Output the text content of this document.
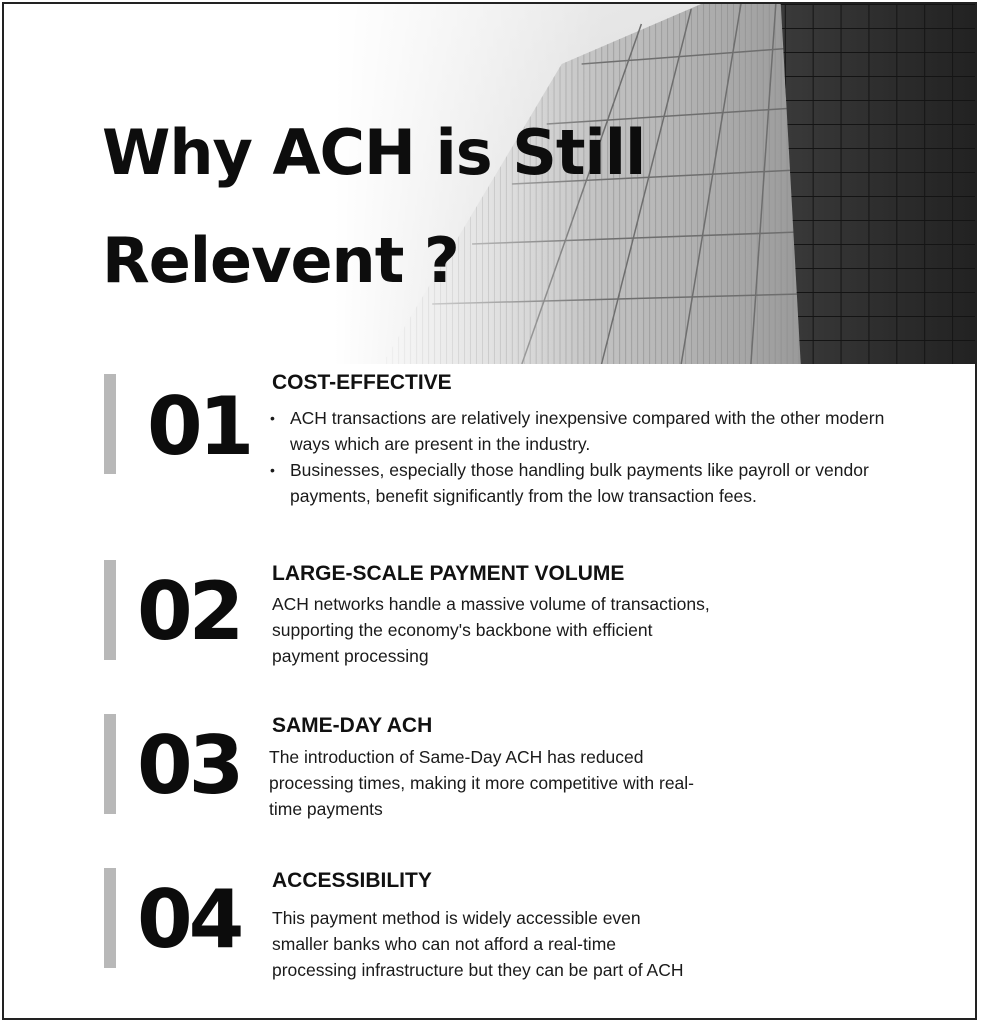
Why ACH is Still
Relevent ?
01 COST-EFFECTIVE
• ACH transactions are relatively inexpensive compared with the other modern ways which are present in the industry.
• Businesses, especially those handling bulk payments like payroll or vendor payments, benefit significantly from the low transaction fees.
02 LARGE-SCALE PAYMENT VOLUME

ACH networks handle a massive volume of transactions, supporting the economy's backbone with efficient payment processing

03 SAME-DAY ACH

The introduction of Same-Day ACH has reduced processing times, making it more competitive with real-time payments

04 ACCESSIBILITY

This payment method is widely accessible even smaller banks who can not afford a real-time processing infrastructure but they can be part of ACH
